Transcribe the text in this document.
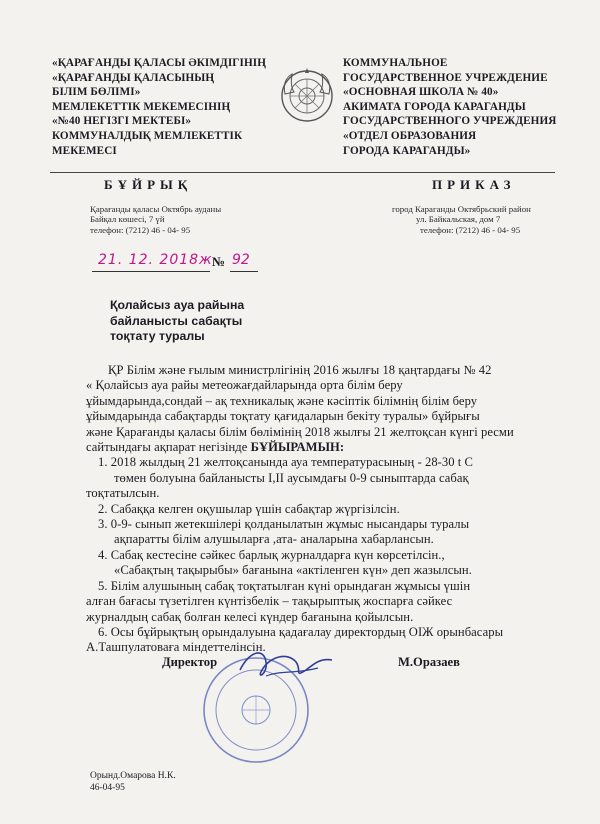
«ҚАРАҒАНДЫ ҚАЛАСЫ ӘКІМДІГІНІҢ
«ҚАРАҒАНДЫ ҚАЛАСЫНЫҢ
БІЛІМ БӨЛІМІ»
МЕМЛЕКЕТТІК МЕКЕМЕСІНІҢ
«№40 НЕГІЗГІ МЕКТЕБІ»
КОММУНАЛДЫҚ МЕМЛЕКЕТТІК
МЕКЕМЕСІ
КОММУНАЛЬНОЕ
ГОСУДАРСТВЕННОЕ УЧРЕЖДЕНИЕ
«ОСНОВНАЯ ШКОЛА № 40»
АКИМАТА ГОРОДА КАРАГАНДЫ
ГОСУДАРСТВЕННОГО УЧРЕЖДЕНИЯ
«ОТДЕЛ ОБРАЗОВАНИЯ
ГОРОДА КАРАГАНДЫ»
БҰЙРЫҚ	ПРИКАЗ
Қарағанды қаласы Октябрь ауданы
Байқал көшесі, 7 үй
телефон: (7212) 46 - 04- 95
город Караганды Октябрьский район
ул. Байкальская, дом 7
телефон: (7212) 46 - 04- 95
21. 12. 2018ж № 92
Қолайсыз ауа райына
байланысты сабақты
тоқтату туралы
ҚР Білім және ғылым министрлігінің 2016 жылғы 18 қаңтардағы № 42
« Қолайсыз ауа райы метеожағдайларында орта білім беру
ұйымдарында,сондай – ақ техникалық және кәсіптік білімнің білім беру
ұйымдарында сабақтарды тоқтату қағидаларын бекіту туралы» бұйрығы
және Қарағанды қаласы білім бөлімінің 2018 жылғы 21 желтоқсан күнгі ресми
сайтындағы ақпарат негізінде БҰЙЫРАМЫН:
1. 2018 жылдың 21 желтоқсанында ауа температурасының - 28-30 t С
төмен болуына байланысты I,II аусымдағы 0-9 сыныптарда сабақ
тоқтатылсын.
2. Сабаққа келген оқушылар үшін сабақтар жүргізілсін.
3. 0-9- сынып жетекшілері қолданылатын жұмыс нысандары туралы
ақпаратты білім алушыларға ,ата- аналарына хабарлансын.
4. Сабақ кестесіне сәйкес барлық журналдарға күн көрсетілсін.,
«Сабақтың тақырыбы» бағанына «актіленген күн» деп жазылсын.
5. Білім алушының сабақ тоқтатылған күні орындаған жұмысы үшін
алған бағасы түзетілген күнтізбелік – тақырыптық жоспарға сәйкес
журналдың сабақ болған келесі күндер бағанына қойылсын.
6. Осы бұйрықтың орындалуына қадағалау директордың ОІЖ орынбасары
А.Ташпулатоваға міндеттелінсін.
Директор	М.Оразаев
Орынд.Омарова Н.К.
46-04-95
